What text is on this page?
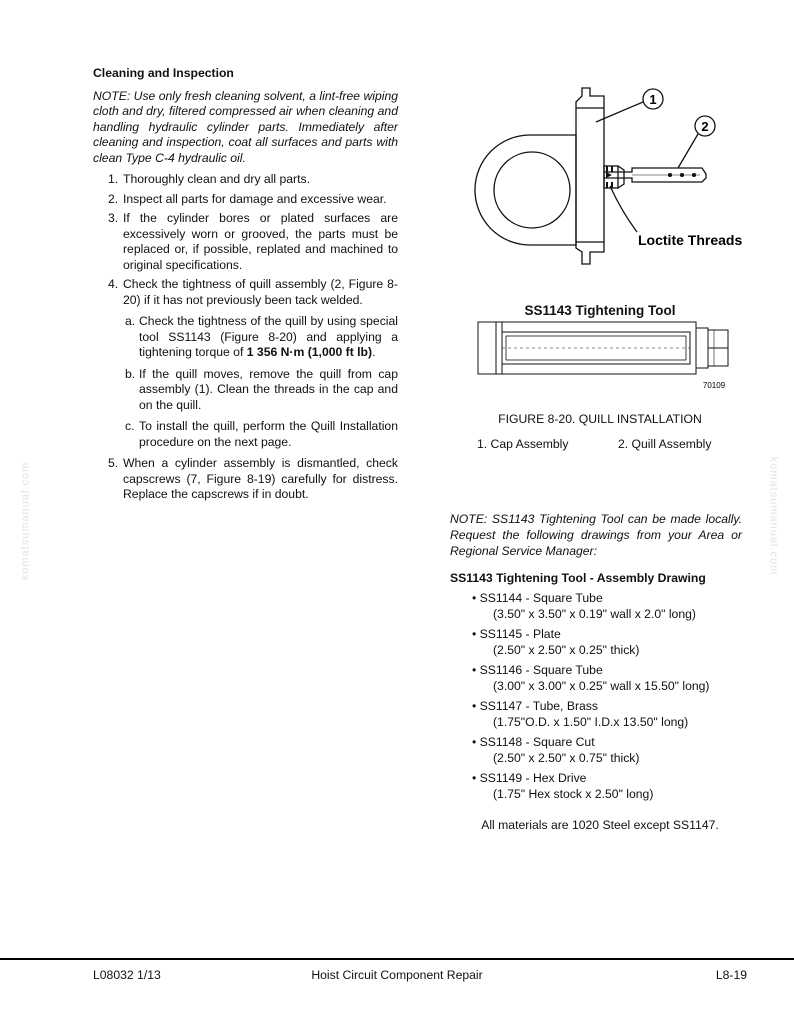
Cleaning and Inspection

NOTE: Use only fresh cleaning solvent, a lint-free wiping cloth and dry, filtered compressed air when cleaning and handling hydraulic cylinder parts. Immediately after cleaning and inspection, coat all surfaces and parts with clean Type C-4 hydraulic oil.

1. Thoroughly clean and dry all parts.
2. Inspect all parts for damage and excessive wear.
3. If the cylinder bores or plated surfaces are excessively worn or grooved, the parts must be replaced or, if possible, replated and machined to original specifications.
4. Check the tightness of quill assembly (2, Figure 8-20) if it has not previously been tack welded.
a. Check the tightness of the quill by using special tool SS1143 (Figure 8-20) and applying a tightening torque of 1 356 N·m (1,000 ft lb).
b. If the quill moves, remove the quill from cap assembly (1). Clean the threads in the cap and on the quill.
c. To install the quill, perform the Quill Installation procedure on the next page.
5. When a cylinder assembly is dismantled, check capscrews (7, Figure 8-19) carefully for distress. Replace the capscrews if in doubt.
1
2
Loctite Threads
SS1143 Tightening Tool
70109
FIGURE 8-20. QUILL INSTALLATION
1. Cap Assembly	2. Quill Assembly

NOTE: SS1143 Tightening Tool can be made locally. Request the following drawings from your Area or Regional Service Manager:

SS1143 Tightening Tool - Assembly Drawing
• SS1144 - Square Tube
(3.50" x 3.50" x 0.19" wall x 2.0" long)
• SS1145 - Plate
(2.50" x 2.50" x 0.25" thick)
• SS1146 - Square Tube
(3.00" x 3.00" x 0.25" wall x 15.50" long)
• SS1147 - Tube, Brass
(1.75"O.D. x 1.50" I.D.x 13.50" long)
• SS1148 - Square Cut
(2.50" x 2.50" x 0.75" thick)
• SS1149 - Hex Drive
(1.75" Hex stock x 2.50" long)
All materials are 1020 Steel except SS1147.
komatsumanual.com	komatsumanual.com
L08032 1/13	Hoist Circuit Component Repair	L8-19
